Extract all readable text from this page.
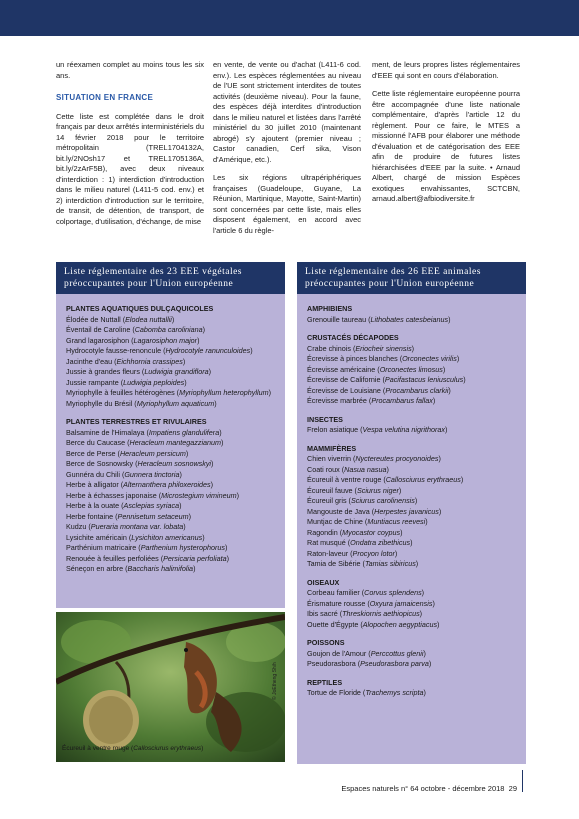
un réexamen complet au moins tous les six ans.

SITUATION EN FRANCE

Cette liste est complétée dans le droit français par deux arrêtés interministériels du 14 février 2018 pour le territoire métropolitain (TREL1704132A, bit.ly/2NOsh17 et TREL1705136A, bit.ly/2zArF5B), avec deux niveaux d'interdiction : 1) interdiction d'introduction dans le milieu naturel (L411-5 cod. env.) et 2) interdiction d'introduction sur le territoire, de transit, de détention, de transport, de colportage, d'utilisation, d'échange, de mise

en vente, de vente ou d'achat (L411-6 cod. env.). Les espèces réglementées au niveau de l'UE sont strictement interdites de toutes activités (deuxième niveau). Pour la faune, des espèces déjà interdites d'introduction dans le milieu naturel et listées dans l'arrêté ministériel du 30 juillet 2010 (maintenant abrogé) s'y ajoutent (premier niveau ; Castor canadien, Cerf sika, Vison d'Amérique, etc.).

Les six régions ultrapériphériques françaises (Guadeloupe, Guyane, La Réunion, Martinique, Mayotte, Saint-Martin) sont concernées par cette liste, mais elles disposent également, en accord avec l'article 6 du règle-

ment, de leurs propres listes réglementaires d'EEE qui sont en cours d'élaboration.

Cette liste réglementaire européenne pourra être accompagnée d'une liste nationale complémentaire, d'après l'article 12 du règlement. Pour ce faire, le MTES a missionné l'AFB pour élaborer une méthode d'évaluation et de catégorisation des EEE afin de produire de futures listes hiérarchisées d'EEE par la suite. • Arnaud Albert, chargé de mission Espèces exotiques envahissantes, SCTCBN, arnaud.albert@afbiodiversite.fr

Liste réglementaire des 23 EEE végétales
préoccupantes pour l'Union européenne
PLANTES AQUATIQUES DULÇAQUICOLES
Élodée de Nuttall (Elodea nuttallii)
Éventail de Caroline (Cabomba caroliniana)
Grand lagarosiphon (Lagarosiphon major)
Hydrocotyle fausse-renoncule (Hydrocotyle ranunculoides)
Jacinthe d'eau (Eichhornia crassipes)
Jussie à grandes fleurs (Ludwigia grandiflora)
Jussie rampante (Ludwigia peploides)
Myriophylle à feuilles hétérogènes (Myriophyllum heterophyllum)
Myriophylle du Brésil (Myriophyllum aquaticum)
PLANTES TERRESTRES ET RIVULAIRES
Balsamine de l'Himalaya (Impatiens glandulifera)
Berce du Caucase (Heracleum mantegazzianum)
Berce de Perse (Heracleum persicum)
Berce de Sosnowsky (Heracleum sosnowskyi)
Gunnéra du Chili (Gunnera tinctoria)
Herbe à alligator (Alternanthera philoxeroides)
Herbe à échasses japonaise (Microstegium vimineum)
Herbe à la ouate (Asclepias syriaca)
Herbe fontaine (Pennisetum setaceum)
Kudzu (Pueraria montana var. lobata)
Lysichite américain (Lysichiton americanus)
Parthénium matricaire (Parthenium hysterophorus)
Renouée à feuilles perfoliées (Persicaria perfoliata)
Séneçon en arbre (Baccharis halimifolia)
Liste réglementaire des 26 EEE animales
préoccupantes pour l'Union européenne
AMPHIBIENS
Grenouille taureau (Lithobates catesbeianus)
CRUSTACÉS DÉCAPODES
Crabe chinois (Eriocheir sinensis)
Écrevisse à pinces blanches (Orconectes virilis)
Écrevisse américaine (Orconectes limosus)
Écrevisse de Californie (Pacifastacus leniusculus)
Écrevisse de Louisiane (Procambarus clarkii)
Écrevisse marbrée (Procambarus fallax)
INSECTES
Frelon asiatique (Vespa velutina nigrithorax)
MAMMIFÈRES
Chien viverrin (Nyctereutes procyonoides)
Coati roux (Nasua nasua)
Écureuil à ventre rouge (Callosciurus erythraeus)
Écureuil fauve (Sciurus niger)
Écureuil gris (Sciurus carolinensis)
Mangouste de Java (Herpestes javanicus)
Muntjac de Chine (Muntiacus reevesi)
Ragondin (Myocastor coypus)
Rat musqué (Ondatra zibethicus)
Raton-laveur (Procyon lotor)
Tamia de Sibérie (Tamias sibiricus)
OISEAUX
Corbeau familier (Corvus splendens)
Érismature rousse (Oxyura jamaicensis)
Ibis sacré (Threskiornis aethiopicus)
Ouette d'Égypte (Alopochen aegyptiacus)
POISSONS
Goujon de l'Amour (Perccottus glenii)
Pseudorasbora (Pseudorasbora parva)
REPTILES
Tortue de Floride (Trachemys scripta)
Écureuil à ventre rouge (Callosciurus erythraeus)
© JoEtheng Shih
Espaces naturels n° 64 octobre - décembre 2018 29
